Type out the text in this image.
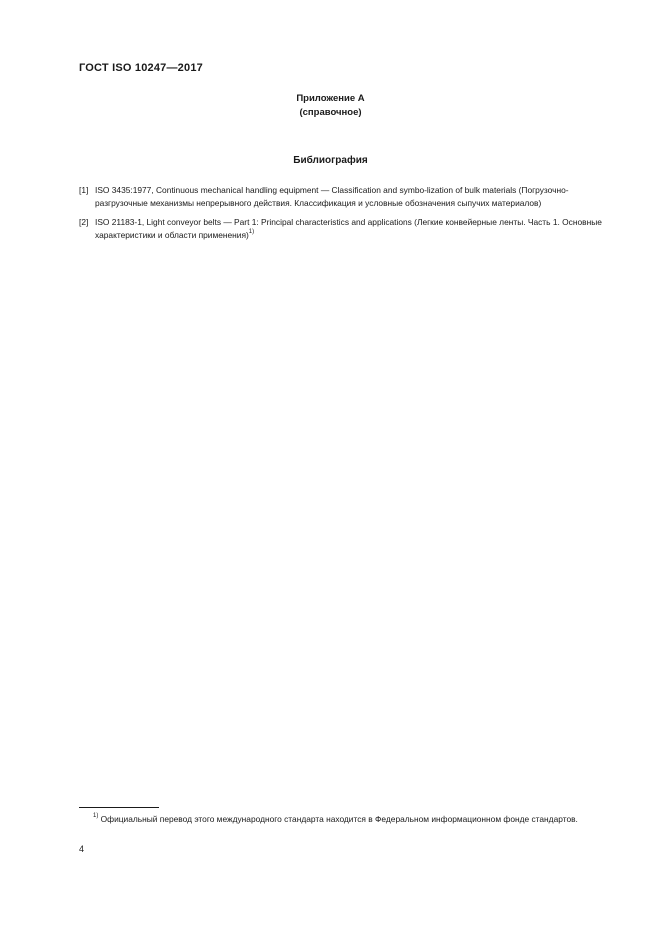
ГОСТ ISO 10247—2017
Приложение А
(справочное)
Библиография
[1] ISO 3435:1977, Continuous mechanical handling equipment — Classification and symbo-lization of bulk materials (Погрузочно-разгрузочные механизмы непрерывного действия. Классификация и условные обозначения сыпучих материалов)
[2] ISO 21183-1, Light conveyor belts — Part 1: Principal characteristics and applications (Легкие конвейерные ленты. Часть 1. Основные характеристики и области применения)$^{1)}$
$^{1)}$ Официальный перевод этого международного стандарта находится в Федеральном информационном фонде стандартов.
4
